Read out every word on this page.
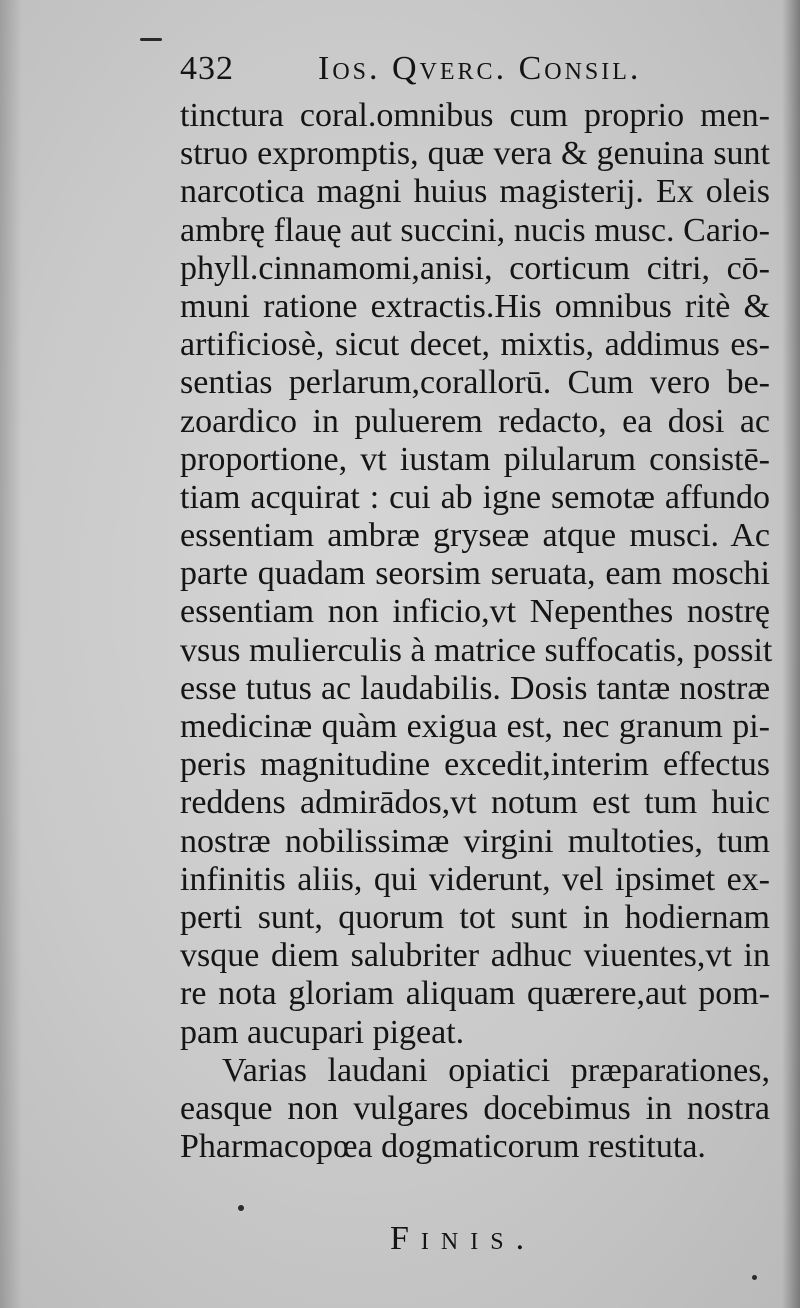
432 Ios. Qverc. Consil.
tinctura coral.omnibus cum proprio men-
struo expromptis, quæ vera & genuina sunt
narcotica magni huius magisterij. Ex oleis
ambrę flauę aut succini, nucis musc. Cario-
phyll.cinnamomi,anisi, corticum citri, cō-
muni ratione extractis.His omnibus ritè &
artificiosè, sicut decet, mixtis, addimus es-
sentias perlarum,corallorū. Cum vero be-
zoardico in puluerem redacto, ea dosi ac
proportione, vt iustam pilularum consistē-
tiam acquirat : cui ab igne semotæ affundo
essentiam ambræ gryseæ atque musci. Ac
parte quadam seorsim seruata, eam moschi
essentiam non inficio,vt Nepenthes nostrę
vsus mulierculis à matrice suffocatis, possit
esse tutus ac laudabilis. Dosis tantæ nostræ
medicinæ quàm exigua est, nec granum pi-
peris magnitudine excedit,interim effectus
reddens admirādos,vt notum est tum huic
nostræ nobilissimæ virgini multoties, tum
infinitis aliis, qui viderunt, vel ipsimet ex-
perti sunt, quorum tot sunt in hodiernam
vsque diem salubriter adhuc viuentes,vt in
re nota gloriam aliquam quærere,aut pom-
pam aucupari pigeat.
Varias laudani opiatici præparationes,
easque non vulgares docebimus in nostra
Pharmacopœa dogmaticorum restituta.
Finis.
